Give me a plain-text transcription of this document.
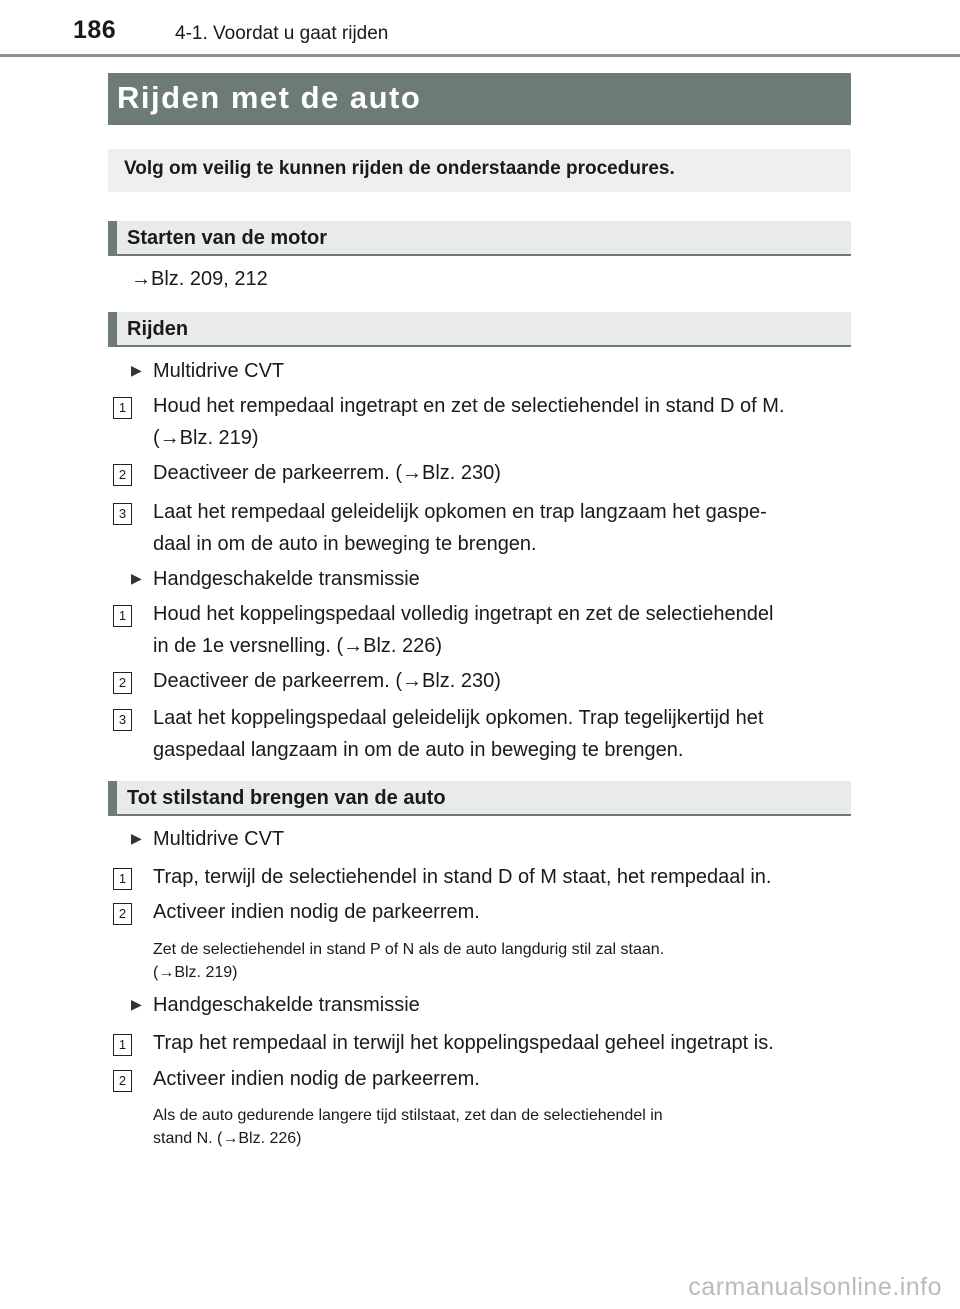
186	4-1. Voordat u gaat rijden
Rijden met de auto
Volg om veilig te kunnen rijden de onderstaande procedures.
Starten van de motor
→Blz. 209, 212
Rijden
▶ Multidrive CVT
1 Houd het rempedaal ingetrapt en zet de selectiehendel in stand D of M.
(→Blz. 219)
2 Deactiveer de parkeerrem. (→Blz. 230)
3 Laat het rempedaal geleidelijk opkomen en trap langzaam het gaspe-
daal in om de auto in beweging te brengen.
▶ Handgeschakelde transmissie
1 Houd het koppelingspedaal volledig ingetrapt en zet de selectiehendel
in de 1e versnelling. (→Blz. 226)
2 Deactiveer de parkeerrem. (→Blz. 230)
3 Laat het koppelingspedaal geleidelijk opkomen. Trap tegelijkertijd het
gaspedaal langzaam in om de auto in beweging te brengen.
Tot stilstand brengen van de auto
▶ Multidrive CVT
1 Trap, terwijl de selectiehendel in stand D of M staat, het rempedaal in.
2 Activeer indien nodig de parkeerrem.
Zet de selectiehendel in stand P of N als de auto langdurig stil zal staan.
(→Blz. 219)
▶ Handgeschakelde transmissie
1 Trap het rempedaal in terwijl het koppelingspedaal geheel ingetrapt is.
2 Activeer indien nodig de parkeerrem.
Als de auto gedurende langere tijd stilstaat, zet dan de selectiehendel in
stand N. (→Blz. 226)
carmanualsonline.info
